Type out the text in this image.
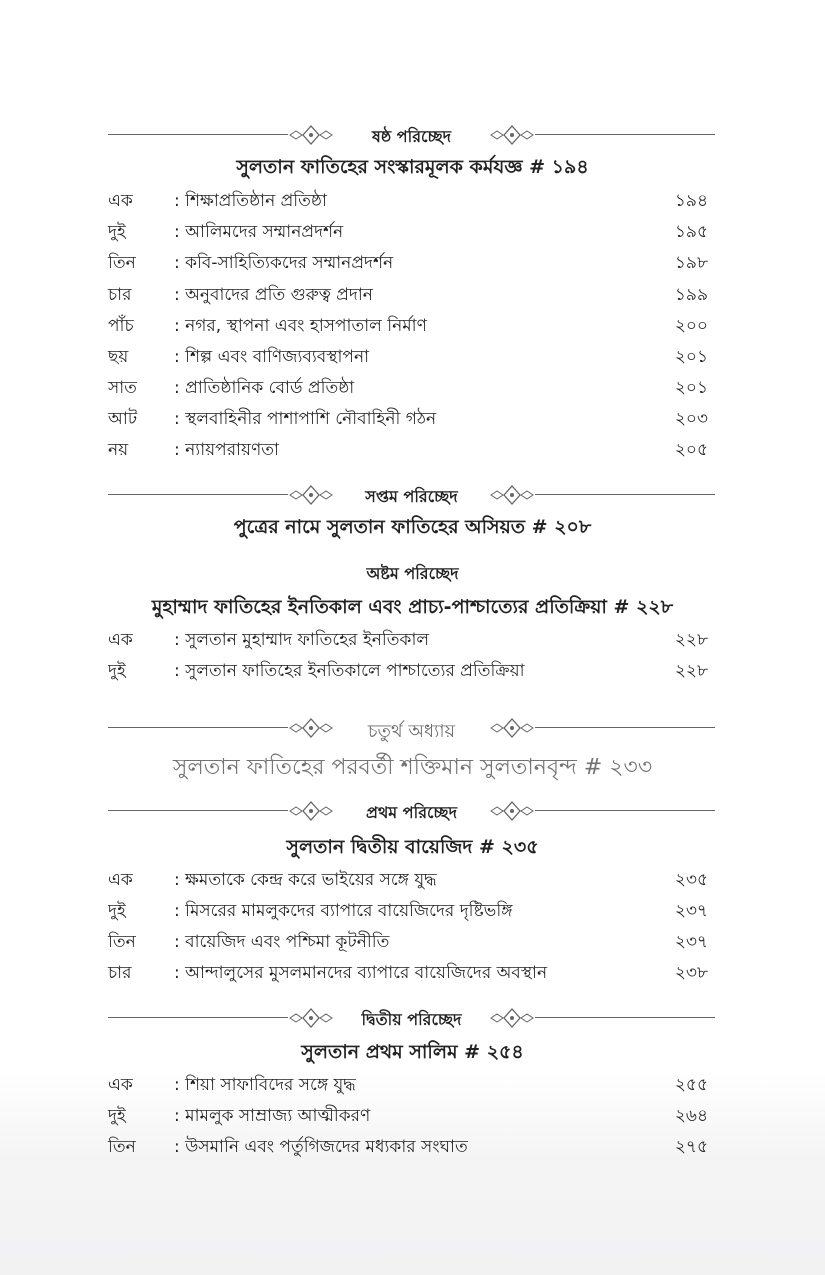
ষষ্ঠ পরিচ্ছেদ
সুলতান ফাতিহের সংস্কারমূলক কর্মযজ্ঞ # ১৯৪
এক : শিক্ষাপ্রতিষ্ঠান প্রতিষ্ঠা	১৯৪
দুই	: আলিমদের সম্মানপ্রদর্শন	১৯৫
তিন : কবি-সাহিত্যিকদের সম্মানপ্রদর্শন	১৯৮
চার	: অনুবাদের প্রতি গুরুত্ব প্রদান	১৯৯
পাঁচ : নগর, স্থাপনা এবং হাসপাতাল নির্মাণ	২০০
ছয়	: শিল্প এবং বাণিজ্যব্যবস্থাপনা	২০১
সাত : প্রাতিষ্ঠানিক বোর্ড প্রতিষ্ঠা	২০১
আট : স্থলবাহিনীর পাশাপাশি নৌবাহিনী গঠন	২০৩
নয়	: ন্যায়পরায়ণতা	২০৫
সপ্তম পরিচ্ছেদ
পুত্রের নামে সুলতান ফাতিহের অসিয়ত # ২০৮
অষ্টম পরিচ্ছেদ
মুহাম্মাদ ফাতিহের ইনতিকাল এবং প্রাচ্য-পাশ্চাত্যের প্রতিক্রিয়া # ২২৮
এক : সুলতান মুহাম্মাদ ফাতিহের ইনতিকাল	২২৮
দুই	: সুলতান ফাতিহের ইনতিকালে পাশ্চাত্যের প্রতিক্রিয়া	২২৮
চতুর্থ অধ্যায়
সুলতান ফাতিহের পরবর্তী শক্তিমান সুলতানবৃন্দ # ২৩৩
প্রথম পরিচ্ছেদ
সুলতান দ্বিতীয় বায়েজিদ # ২৩৫
এক : ক্ষমতাকে কেন্দ্র করে ভাইয়ের সঙ্গে যুদ্ধ	২৩৫
দুই	: মিসরের মামলুকদের ব্যাপারে বায়েজিদের দৃষ্টিভঙ্গি	২৩৭
তিন : বায়েজিদ এবং পশ্চিমা কূটনীতি	২৩৭
চার	: আন্দালুসের মুসলমানদের ব্যাপারে বায়েজিদের অবস্থান	২৩৮
দ্বিতীয় পরিচ্ছেদ
সুলতান প্রথম সালিম # ২৫৪
এক : শিয়া সাফাবিদের সঙ্গে যুদ্ধ	২৫৫
দুই	: মামলুক সাম্রাজ্য আত্মীকরণ	২৬৪
তিন : উসমানি এবং পর্তুগিজদের মধ্যকার সংঘাত	২৭৫
